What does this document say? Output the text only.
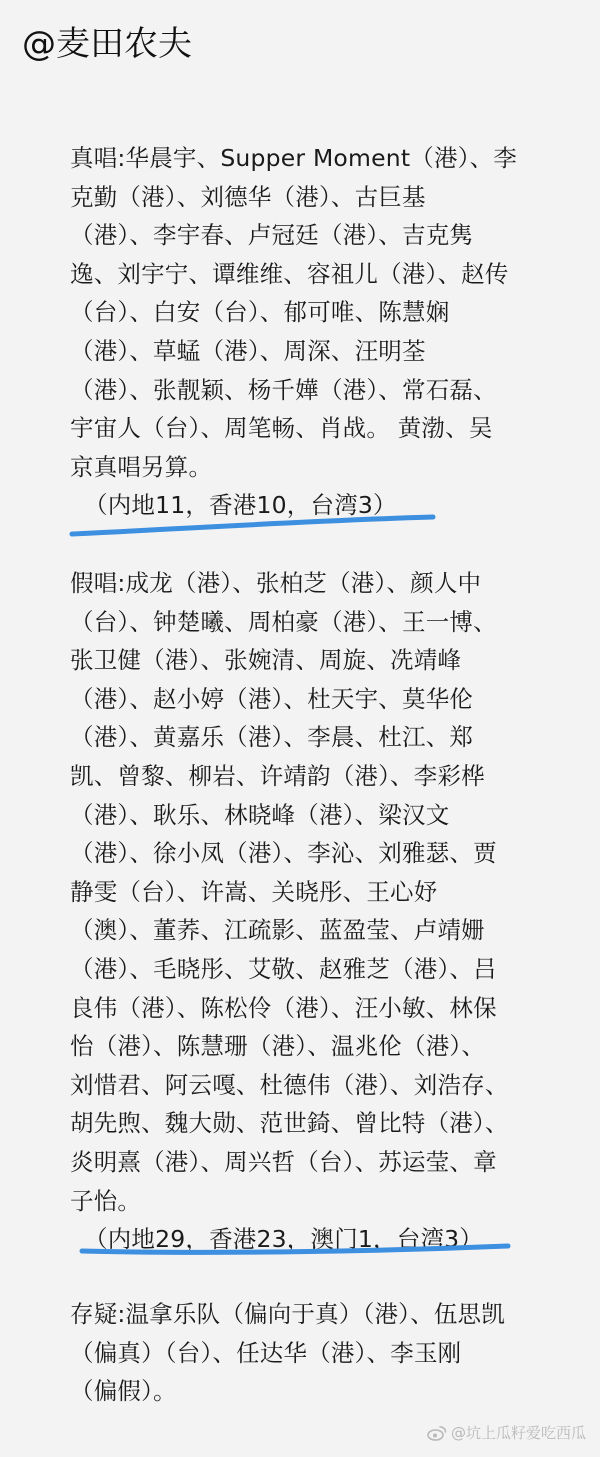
@麦田农夫
真唱:华晨宇、Supper Moment（港）、李
克勤（港）、刘德华（港）、古巨基
（港）、李宇春、卢冠廷（港）、吉克隽
逸、刘宇宁、谭维维、容祖儿（港）、赵传
（台）、白安（台）、郁可唯、陈慧娴
（港）、草蜢（港）、周深、汪明荃
（港）、张靓颖、杨千嬅（港）、常石磊、
宇宙人（台）、周笔畅、肖战。 黄渤、吴
京真唱另算。
（内地11，香港10，台湾3）
假唱:成龙（港）、张柏芝（港）、颜人中
（台）、钟楚曦、周柏豪（港）、王一博、
张卫健（港）、张婉清、周旋、冼靖峰
（港）、赵小婷（港）、杜天宇、莫华伦
（港）、黄嘉乐（港）、李晨、杜江、郑
凯、曾黎、柳岩、许靖韵（港）、李彩桦
（港）、耿乐、林晓峰（港）、梁汉文
（港）、徐小凤（港）、李沁、刘雅瑟、贾
静雯（台）、许嵩、关晓彤、王心妤
（澳）、董荞、江疏影、蓝盈莹、卢靖姗
（港）、毛晓彤、艾敬、赵雅芝（港）、吕
良伟（港）、陈松伶（港）、汪小敏、林保
怡（港）、陈慧珊（港）、温兆伦（港）、
刘惜君、阿云嘎、杜德伟（港）、刘浩存、
胡先煦、魏大勋、范世錡、曾比特（港）、
炎明熹（港）、周兴哲（台）、苏运莹、章
子怡。
（内地29，香港23，澳门1，台湾3）
存疑:温拿乐队（偏向于真）（港）、伍思凯
（偏真）（台）、任达华（港）、李玉刚
（偏假）。
@坑上瓜籽爱吃西瓜
